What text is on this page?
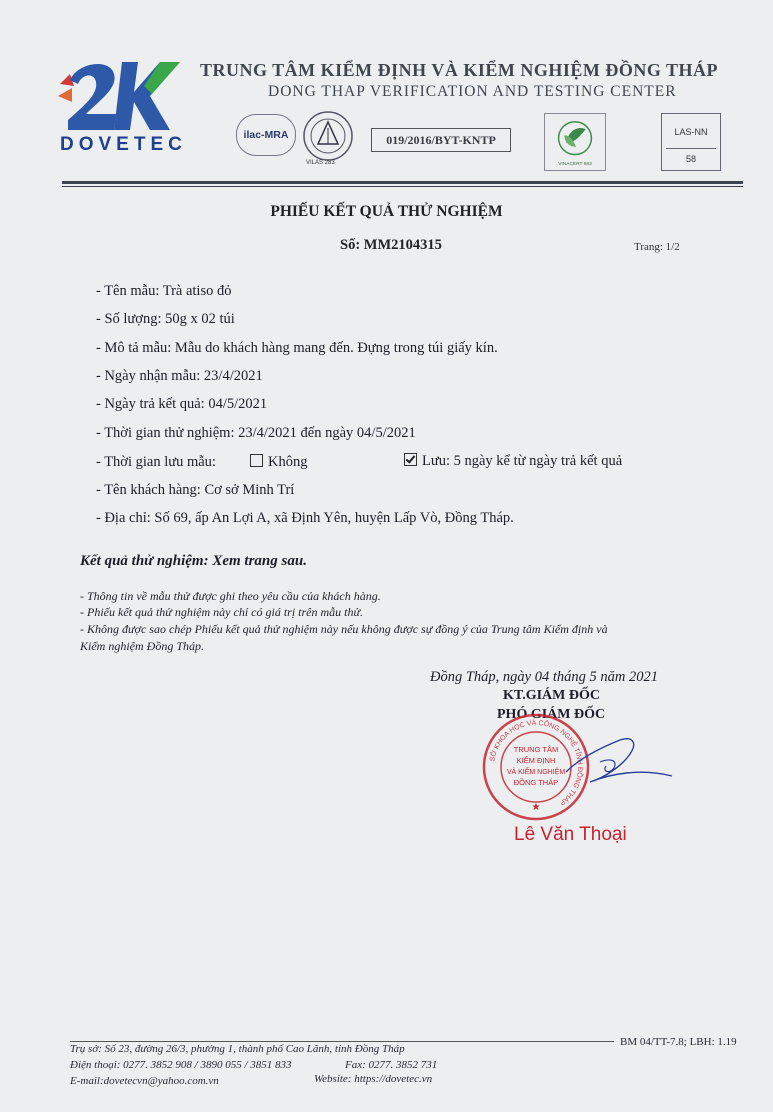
DOVETEC
TRUNG TÂM KIỂM ĐỊNH VÀ KIỂM NGHIỆM ĐỒNG THÁP
DONG THAP VERIFICATION AND TESTING CENTER
ilac-MRA
VILAS 283
019/2016/BYT-KNTP
VINACERT 583
LAS-NN
58
PHIẾU KẾT QUẢ THỬ NGHIỆM
Số: MM2104315	Trang: 1/2
- Tên mẫu: Trà atiso đỏ
- Số lượng: 50g x 02 túi
- Mô tả mẫu: Mẫu do khách hàng mang đến. Đựng trong túi giấy kín.
- Ngày nhận mẫu: 23/4/2021
- Ngày trả kết quả: 04/5/2021
- Thời gian thử nghiệm: 23/4/2021 đến ngày 04/5/2021
- Thời gian lưu mẫu:	Không	Lưu: 5 ngày kể từ ngày trả kết quả
- Tên khách hàng: Cơ sở Minh Trí
- Địa chỉ: Số 69, ấp An Lợi A, xã Định Yên, huyện Lấp Vò, Đồng Tháp.
Kết quả thử nghiệm: Xem trang sau.
- Thông tin về mẫu thử được ghi theo yêu cầu của khách hàng.
- Phiếu kết quả thử nghiệm này chỉ có giá trị trên mẫu thử.
- Không được sao chép Phiếu kết quả thử nghiệm này nếu không được sự đồng ý của Trung tâm Kiểm định và
Kiểm nghiệm Đồng Tháp.
Đồng Tháp, ngày 04 tháng 5 năm 2021
KT.GIÁM ĐỐC
PHÓ GIÁM ĐỐC
SỞ KHOA HỌC VÀ CÔNG NGHỆ TỈNH ĐỒNG THÁP
TRUNG TÂM
KIỂM ĐỊNH
VÀ KIỂM NGHIỆM
ĐỒNG THÁP
★
Lê Văn Thoại
BM 04/TT-7.8; LBH: 1.19
Trụ sở: Số 23, đường 26/3, phường 1, thành phố Cao Lãnh, tỉnh Đồng Tháp
Điện thoại: 0277. 3852 908 / 3890 055 / 3851 833	Fax: 0277. 3852 731
E-mail:dovetecvn@yahoo.com.vn	Website: https://dovetec.vn
